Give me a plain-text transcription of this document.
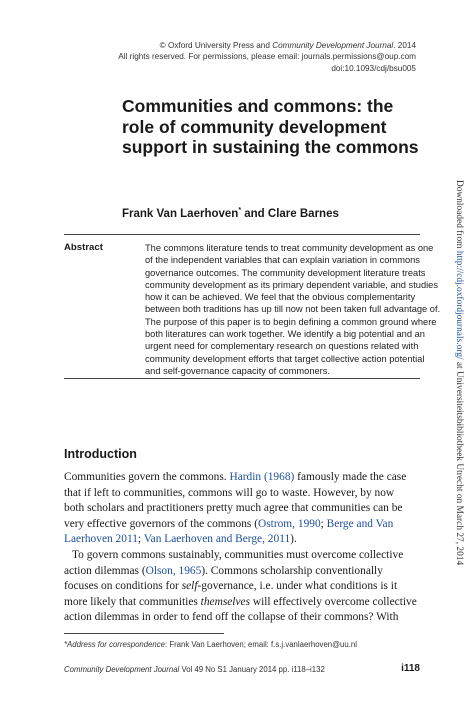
© Oxford University Press and Community Development Journal. 2014
All rights reserved. For permissions, please email: journals.permissions@oup.com
doi:10.1093/cdj/bsu005
Communities and commons: the role of community development support in sustaining the commons
Frank Van Laerhoven* and Clare Barnes
Abstract	The commons literature tends to treat community development as one
of the independent variables that can explain variation in commons
governance outcomes. The community development literature treats
community development as its primary dependent variable, and studies
how it can be achieved. We feel that the obvious complementarity
between both traditions has up till now not been taken full advantage of.
The purpose of this paper is to begin defining a common ground where
both literatures can work together. We identify a big potential and an
urgent need for complementary research on questions related with
community development efforts that target collective action potential
and self-governance capacity of commoners.
Introduction
Communities govern the commons. Hardin (1968) famously made the case
that if left to communities, commons will go to waste. However, by now
both scholars and practitioners pretty much agree that communities can be
very effective governors of the commons (Ostrom, 1990; Berge and Van
Laerhoven 2011; Van Laerhoven and Berge, 2011).
To govern commons sustainably, communities must overcome collective
action dilemmas (Olson, 1965). Commons scholarship conventionally
focuses on conditions for self-governance, i.e. under what conditions is it
more likely that communities themselves will effectively overcome collective
action dilemmas in order to fend off the collapse of their commons? With
*Address for correspondence: Frank Van Laerhoven; email: f.s.j.vanlaerhoven@uu.nl
Community Development Journal Vol 49 No S1 January 2014 pp. i118–i132	i118
Downloaded from http://cdj.oxfordjournals.org/ at Universiteitsbibliotheek Utrecht on March 27, 2014
